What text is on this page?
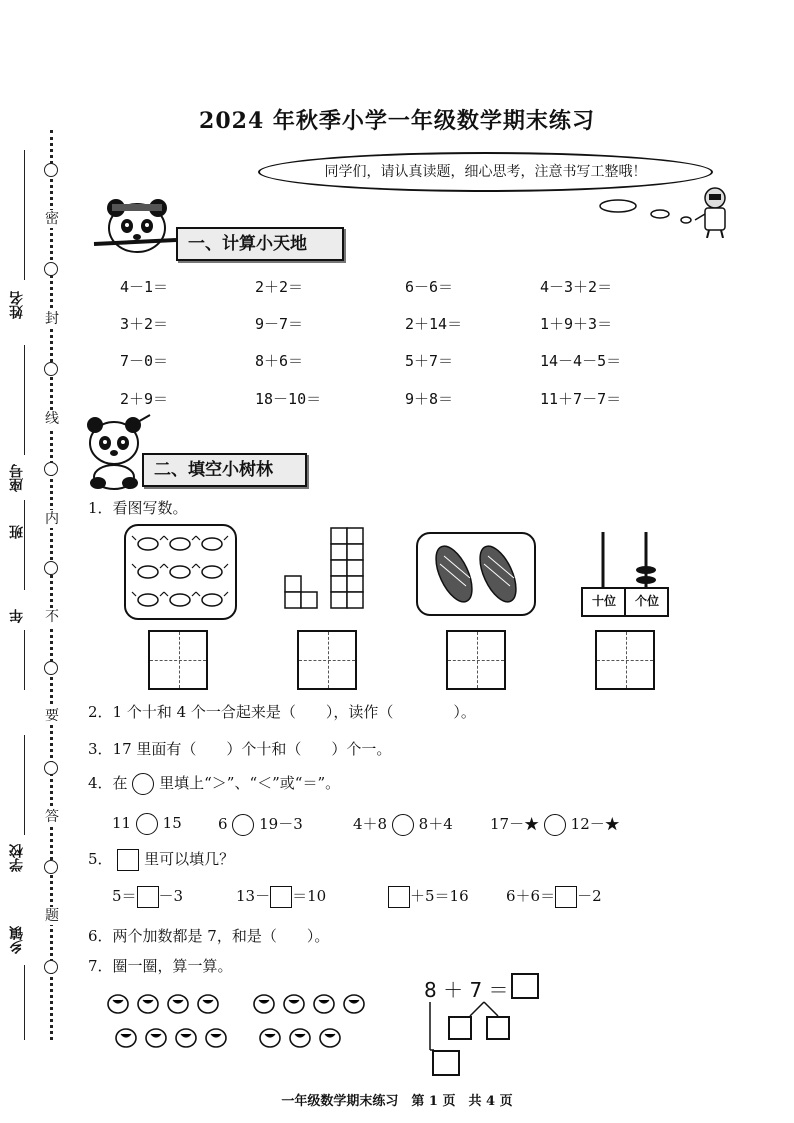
2024 年秋季小学一年级数学期末练习
同学们，请认真读题，细心思考，注意书写工整哦！
密
封
线
内
不
要
答
题
姓名
座号
班
年
学校
乡镇
一、计算小天地
4－1＝	2＋2＝	6－6＝	4－3＋2＝
3＋2＝	9－7＝	2＋14＝	1＋9＋3＝
7－0＝	8＋6＝	5＋7＝	14－4－5＝
2＋9＝	18－10＝	9＋8＝	11＋7－7＝
二、填空小树林
1．看图写数。
十位	个位
2．1 个十和 4 个一合起来是（　　），读作（　　　　）。
3．17 里面有（　　）个十和（　　）个一。
4．在 里填上“＞”、“＜”或“＝”。
11 15 6 19－3	4＋8 8＋4 17－★ 12－★
5． 里可以填几？
5＝ －3	13－ ＝10	＋5＝16 6＋6＝ －2
6．两个加数都是 7，和是（　　）。
7．圈一圈，算一算。
8 ＋ 7 ＝
一年级数学期末练习　第 1 页　共 4 页
